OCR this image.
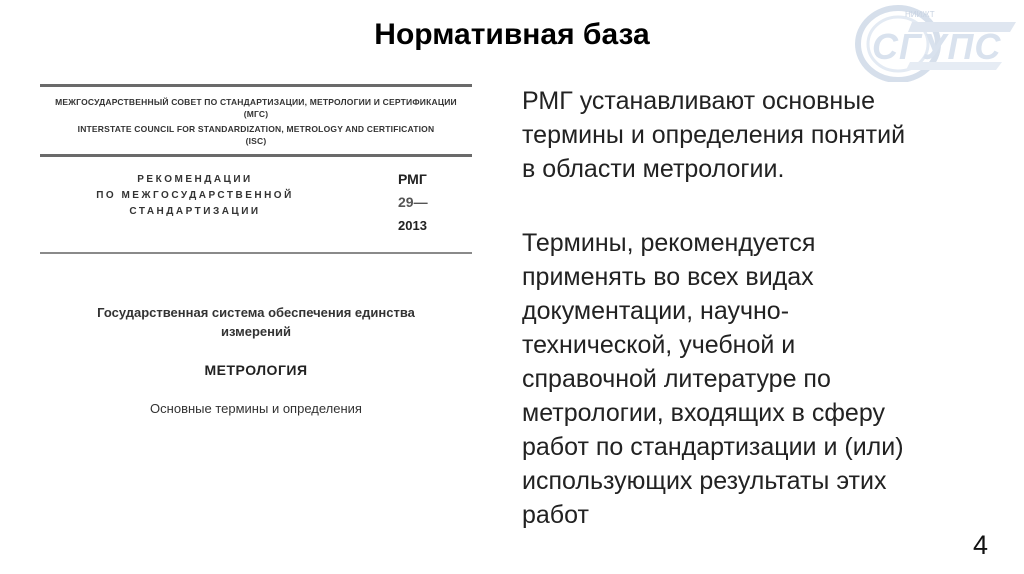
Нормативная база
НИИЖТ
СГУПС
МЕЖГОСУДАРСТВЕННЫЙ СОВЕТ ПО СТАНДАРТИЗАЦИИ, МЕТРОЛОГИИ И СЕРТИФИКАЦИИ
(МГС)
INTERSTATE COUNCIL FOR STANDARDIZATION, METROLOGY AND CERTIFICATION
(ISC)
РЕКОМЕНДАЦИИ
ПО МЕЖГОСУДАРСТВЕННОЙ
СТАНДАРТИЗАЦИИ
РМГ
29—
2013
Государственная система обеспечения единства
измерений
МЕТРОЛОГИЯ
Основные термины и определения
РМГ устанавливают основные
термины и определения понятий
в области метрологии.
Термины, рекомендуется
применять во всех видах
документации, научно-
технической, учебной и
справочной литературе по
метрологии, входящих в сферу
работ по стандартизации и (или)
использующих результаты этих
работ
4
